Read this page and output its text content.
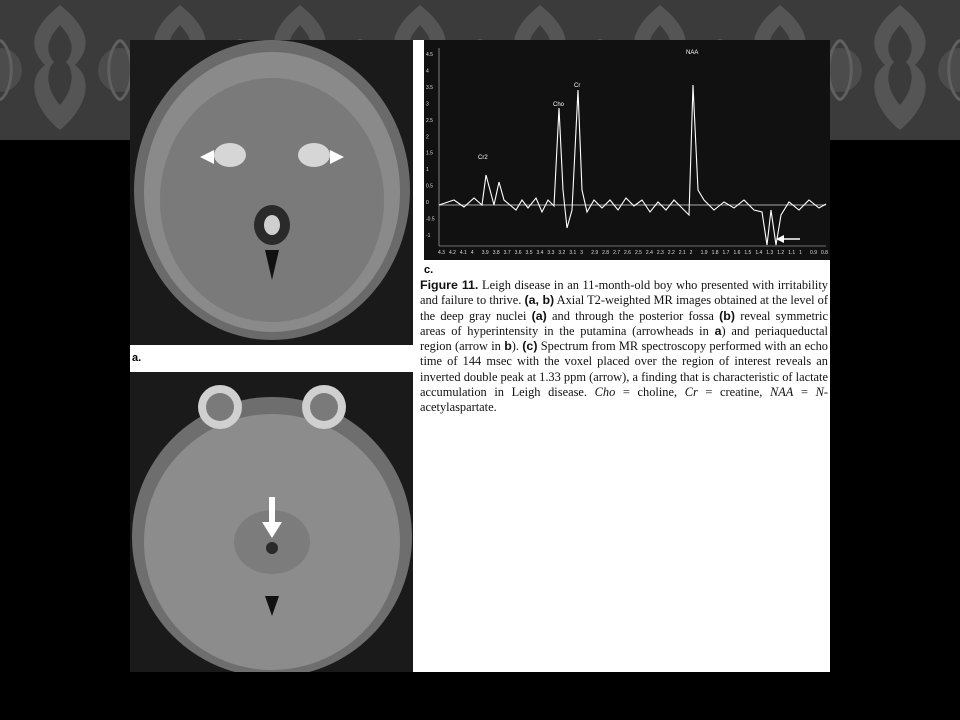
a.
4.5
4
3.5
3
2.5
2
1.5
1
0.5
0
-0.5
-1
4.3 4.2 4.1 4 3.9 3.8 3.7 3.6 3.5 3.4 3.3 3.2 3.1 3 2.9 2.8 2.7 2.6 2.5 2.4 2.3 2.2 2.1 2 1.9 1.8 1.7 1.6 1.5 1.4 1.3 1.2 1.1 1 0.9 0.8
Cr2
Cho
Cr
NAA
c.
Figure 11. Leigh disease in an 11-month-old boy who presented with irritability and failure to thrive. (a, b) Axial T2-weighted MR images obtained at the level of the deep gray nuclei (a) and through the posterior fossa (b) reveal symmetric areas of hyperintensity in the putamina (arrowheads in a) and periaqueductal region (arrow in b). (c) Spectrum from MR spectroscopy performed with an echo time of 144 msec with the voxel placed over the region of interest reveals an inverted double peak at 1.33 ppm (arrow), a finding that is characteristic of lactate accumulation in Leigh disease. Cho = choline, Cr = creatine, NAA = N-acetylaspartate.
